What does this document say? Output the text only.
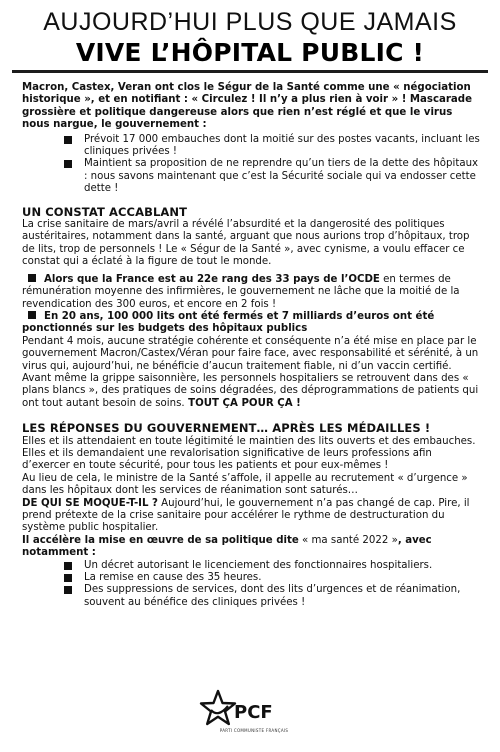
AUJOURD’HUI PLUS QUE JAMAIS
VIVE L’HÔPITAL PUBLIC !

Macron, Castex, Veran ont clos le Ségur de la Santé comme une « négociation historique », et en notifiant : « Circulez ! Il n’y a plus rien à voir » ! Mascarade grossière et politique dangereuse alors que rien n’est réglé et que le virus nous nargue, le gouvernement :

Prévoit 17 000 embauches dont la moitié sur des postes vacants, incluant les cliniques privées !
Maintient sa proposition de ne reprendre qu’un tiers de la dette des hôpitaux : nous savons maintenant que c’est la Sécurité sociale qui va endosser cette dette !
UN CONSTAT ACCABLANT

La crise sanitaire de mars/avril a révélé l’absurdité et la dangerosité des politiques austéritaires, notamment dans la santé, arguant que nous aurions trop d’hôpitaux, trop de lits, trop de personnels ! Le « Ségur de la Santé », avec cynisme, a voulu effacer ce constat qui a éclaté à la figure de tout le monde.

Alors que la France est au 22e rang des 33 pays de l’OCDE en termes de rémunération moyenne des infirmières, le gouvernement ne lâche que la moitié de la revendication des 300 euros, et encore en 2 fois !

En 20 ans, 100 000 lits ont été fermés et 7 milliards d’euros ont été ponctionnés sur les budgets des hôpitaux publics

Pendant 4 mois, aucune stratégie cohérente et conséquente n’a été mise en place par le gouvernement Macron/Castex/Véran pour faire face, avec responsabilité et sérénité, à un virus qui, aujourd’hui, ne bénéficie d’aucun traitement fiable, ni d’un vaccin certifié. Avant même la grippe saisonnière, les personnels hospitaliers se retrouvent dans des « plans blancs », des pratiques de soins dégradées, des déprogrammations de patients qui ont tout autant besoin de soins. TOUT ÇA POUR ÇA !

LES RÉPONSES DU GOUVERNEMENT… APRÈS LES MÉDAILLES !

Elles et ils attendaient en toute légitimité le maintien des lits ouverts et des embauches. Elles et ils demandaient une revalorisation significative de leurs professions afin d’exercer en toute sécurité, pour tous les patients et pour eux-mêmes !

Au lieu de cela, le ministre de la Santé s’affole, il appelle au recrutement « d’urgence » dans les hôpitaux dont les services de réanimation sont saturés…

DE QUI SE MOQUE-T-IL ? Aujourd’hui, le gouvernement n’a pas changé de cap. Pire, il prend prétexte de la crise sanitaire pour accélérer le rythme de destructuration du système public hospitalier.

Il accélère la mise en œuvre de sa politique dite « ma santé 2022 », avec notamment :

Un décret autorisant le licenciement des fonctionnaires hospitaliers.
La remise en cause des 35 heures.
Des suppressions de services, dont des lits d’urgences et de réanimation, souvent au bénéfice des cliniques privées !
PCF
PARTI COMMUNISTE FRANÇAIS
